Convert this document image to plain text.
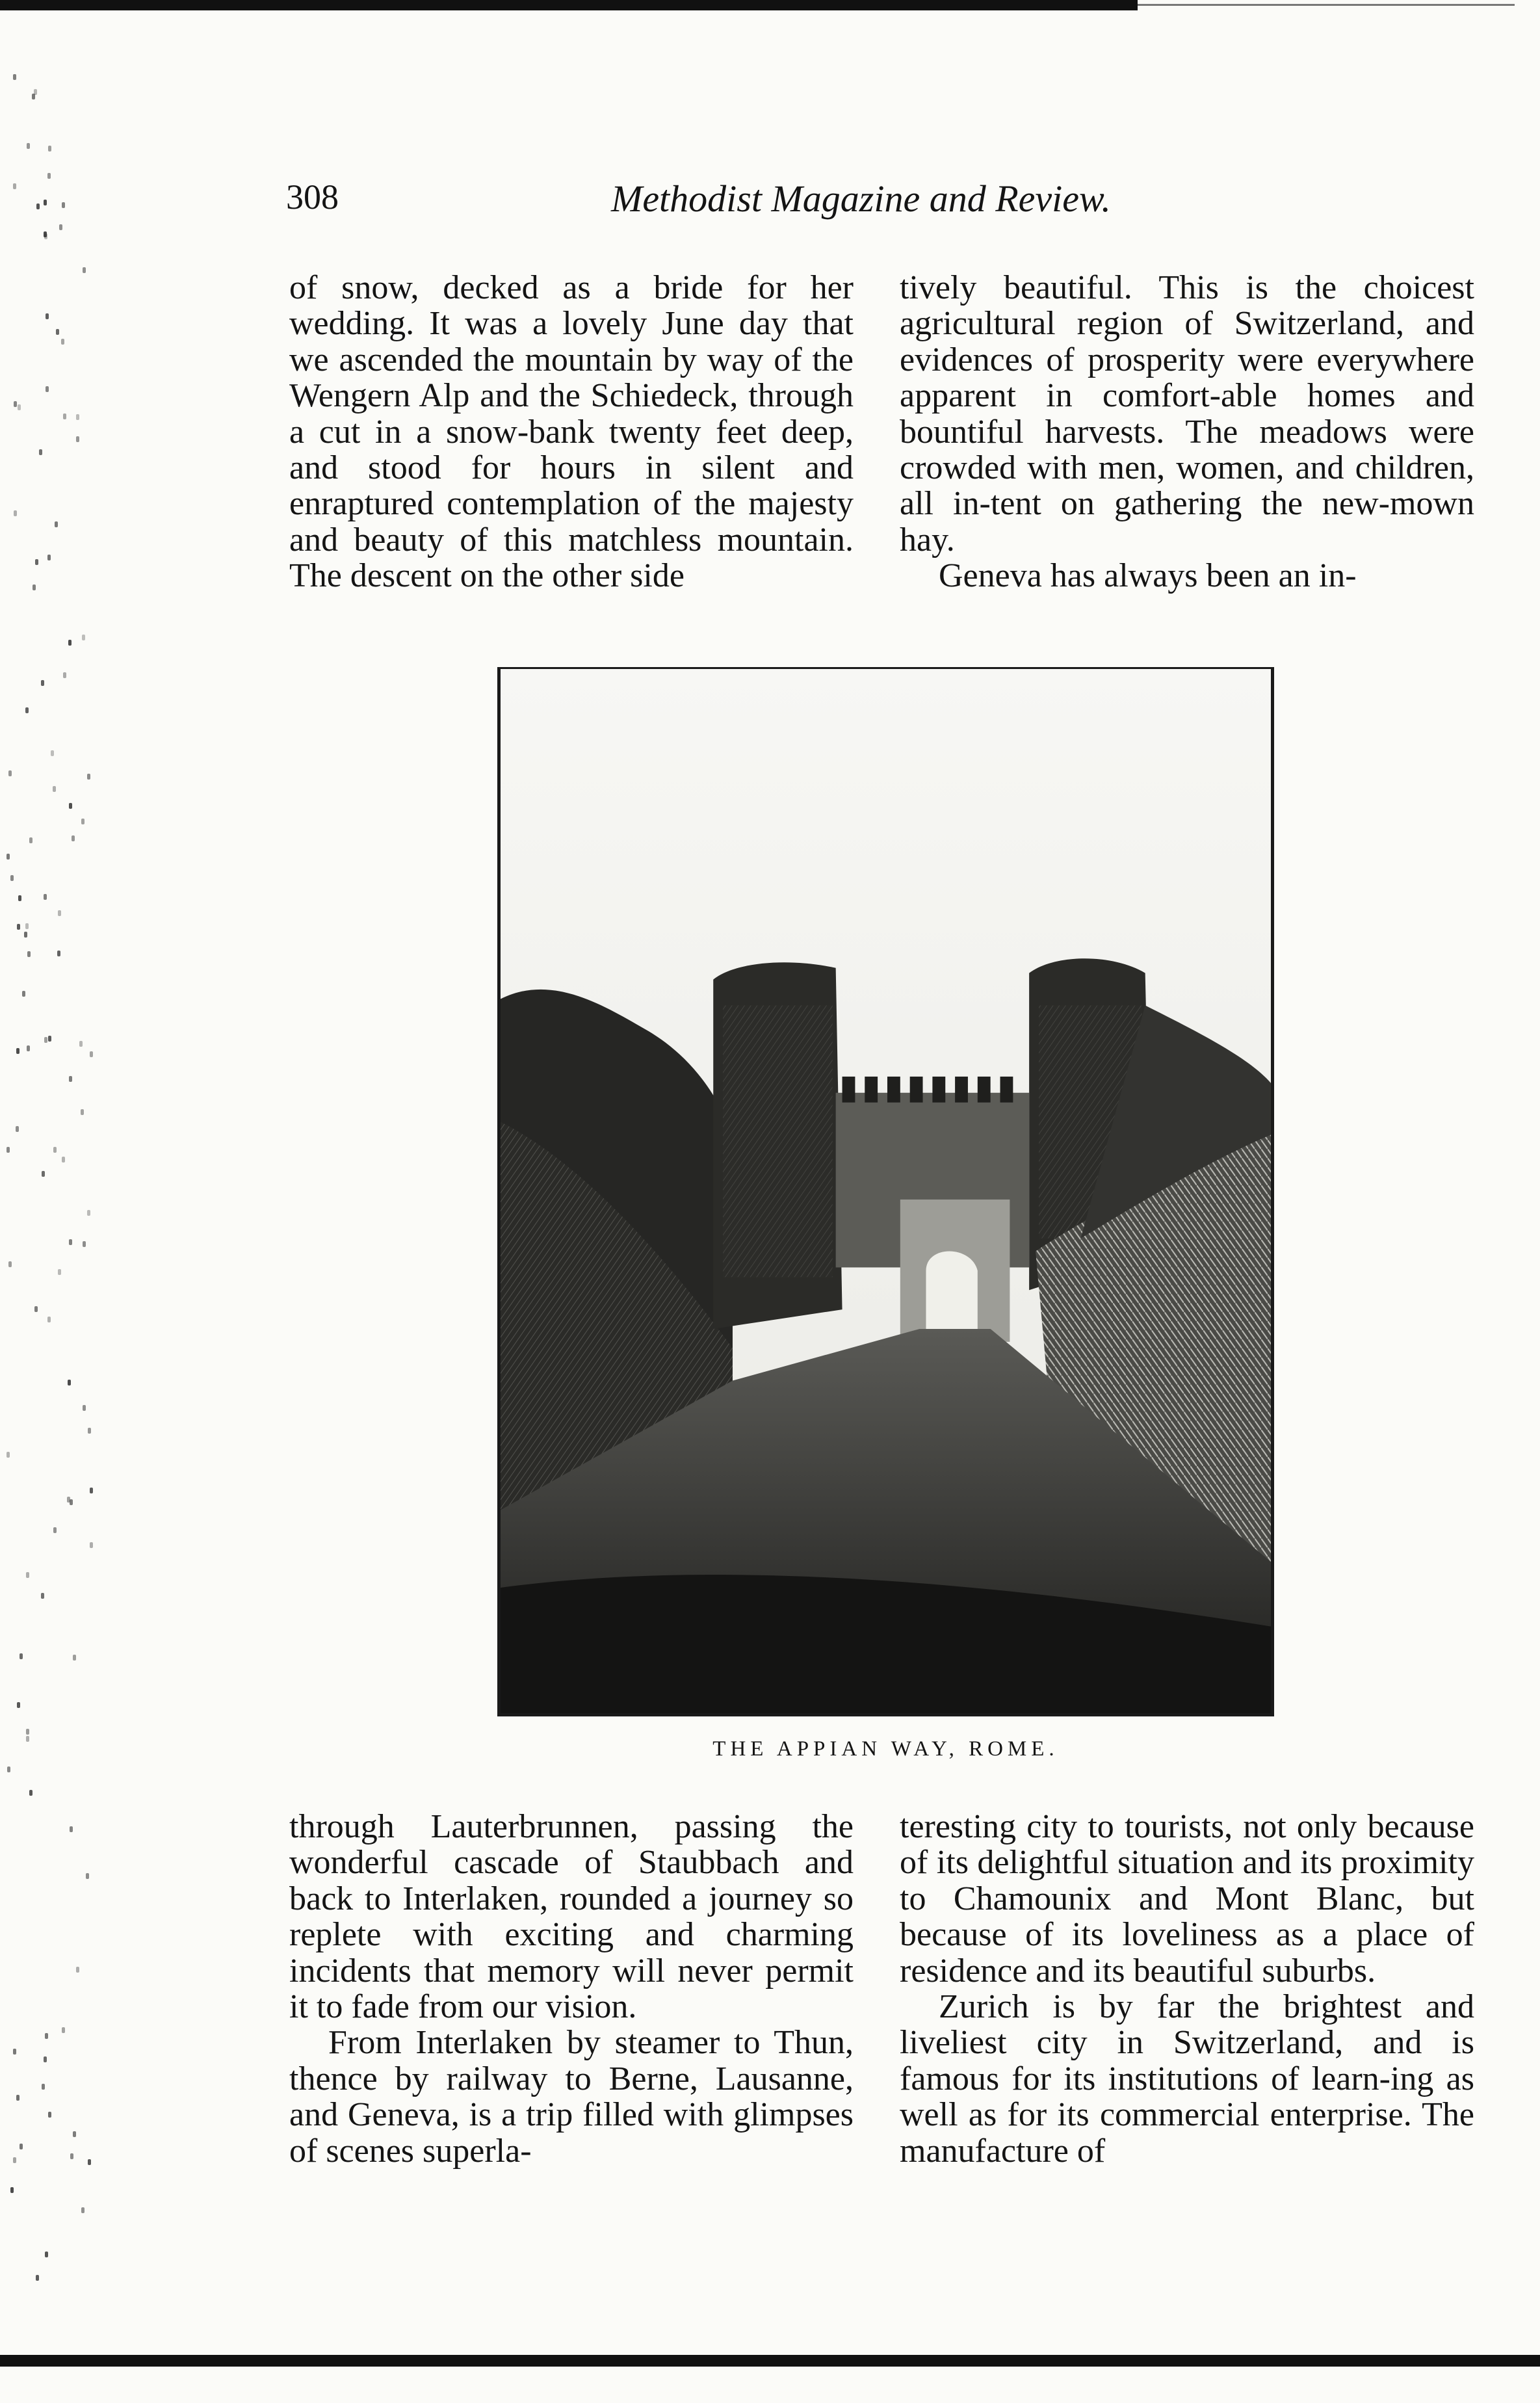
308	Methodist Magazine and Review.

of snow, decked as a bride for her wedding. It was a lovely June day that we ascended the mountain by way of the Wengern Alp and the Schiedeck, through a cut in a snow-bank twenty feet deep, and stood for hours in silent and enraptured contemplation of the majesty and beauty of this matchless mountain. The descent on the other side

tively beautiful. This is the choicest agricultural region of Switzerland, and evidences of prosperity were everywhere apparent in comfort-able homes and bountiful harvests. The meadows were crowded with men, women, and children, all in-tent on gathering the new-mown hay.

Geneva has always been an in-

THE APPIAN WAY, ROME.

through Lauterbrunnen, passing the wonderful cascade of Staubbach and back to Interlaken, rounded a journey so replete with exciting and charming incidents that memory will never permit it to fade from our vision.

From Interlaken by steamer to Thun, thence by railway to Berne, Lausanne, and Geneva, is a trip filled with glimpses of scenes superla-

teresting city to tourists, not only because of its delightful situation and its proximity to Chamounix and Mont Blanc, but because of its loveliness as a place of residence and its beautiful suburbs.

Zurich is by far the brightest and liveliest city in Switzerland, and is famous for its institutions of learn-ing as well as for its commercial enterprise. The manufacture of
